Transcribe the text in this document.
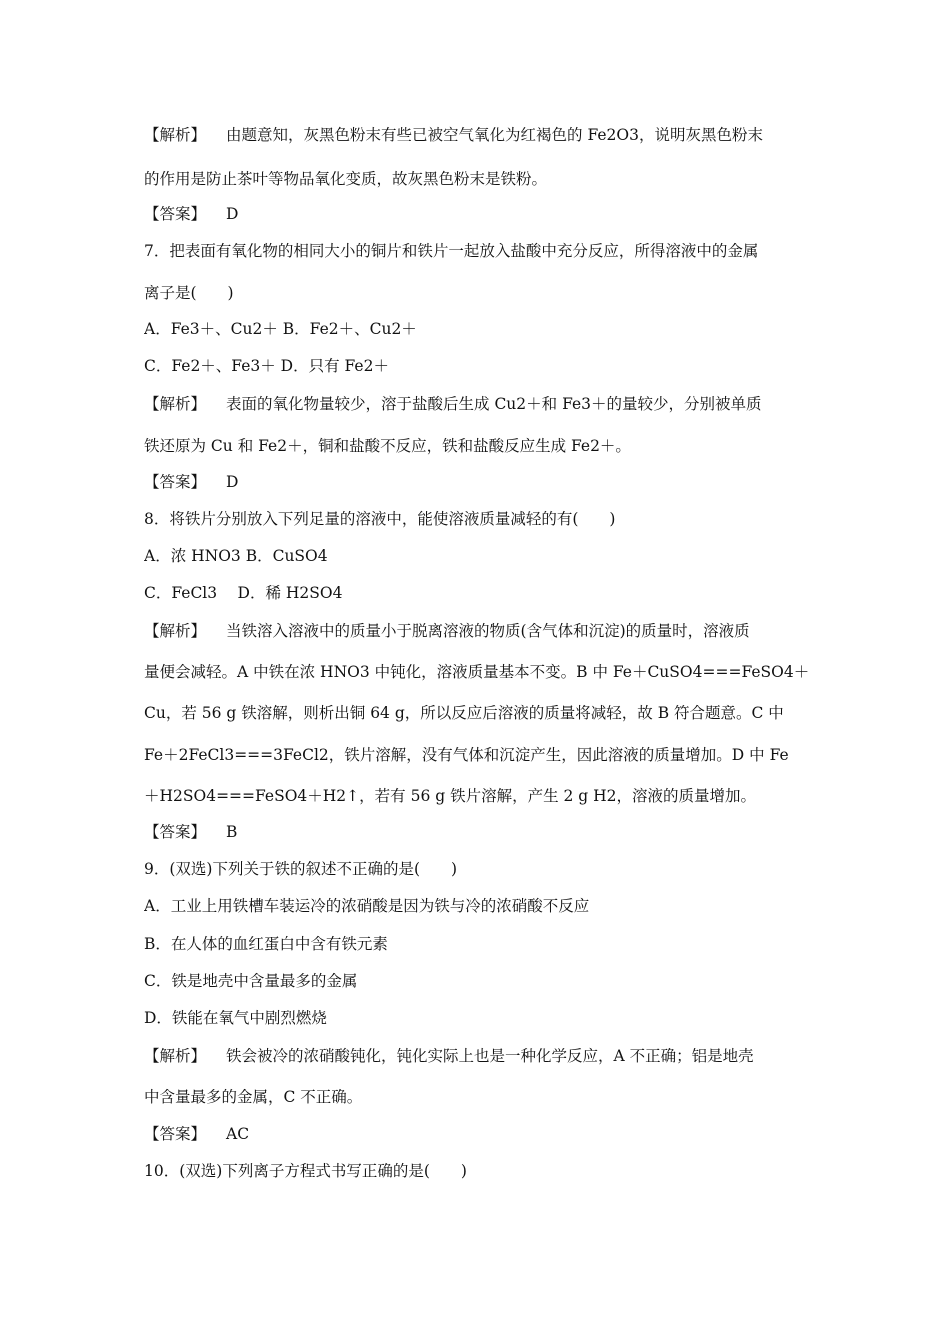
【解析】 由题意知，灰黑色粉末有些已被空气氧化为红褐色的 Fe2O3，说明灰黑色粉末
的作用是防止茶叶等物品氧化变质，故灰黑色粉末是铁粉。
【答案】 D
7．把表面有氧化物的相同大小的铜片和铁片一起放入盐酸中充分反应，所得溶液中的金属
离子是(　　)
A．Fe3＋、Cu2＋ B．Fe2＋、Cu2＋
C．Fe2＋、Fe3＋ D．只有 Fe2＋
【解析】 表面的氧化物量较少，溶于盐酸后生成 Cu2＋和 Fe3＋的量较少，分别被单质
铁还原为 Cu 和 Fe2＋，铜和盐酸不反应，铁和盐酸反应生成 Fe2＋。
【答案】 D
8．将铁片分别放入下列足量的溶液中，能使溶液质量减轻的有(　　)
A．浓 HNO3 B．CuSO4
C．FeCl3　 D．稀 H2SO4
【解析】 当铁溶入溶液中的质量小于脱离溶液的物质(含气体和沉淀)的质量时，溶液质
量便会减轻。A 中铁在浓 HNO3 中钝化，溶液质量基本不变。B 中 Fe＋CuSO4===FeSO4＋
Cu，若 56 g 铁溶解，则析出铜 64 g，所以反应后溶液的质量将减轻，故 B 符合题意。C 中
Fe＋2FeCl3===3FeCl2，铁片溶解，没有气体和沉淀产生，因此溶液的质量增加。D 中 Fe
＋H2SO4===FeSO4＋H2↑，若有 56 g 铁片溶解，产生 2 g H2，溶液的质量增加。
【答案】 B
9．(双选)下列关于铁的叙述不正确的是(　　)
A．工业上用铁槽车装运冷的浓硝酸是因为铁与冷的浓硝酸不反应
B．在人体的血红蛋白中含有铁元素
C．铁是地壳中含量最多的金属
D．铁能在氧气中剧烈燃烧
【解析】 铁会被冷的浓硝酸钝化，钝化实际上也是一种化学反应，A 不正确；铝是地壳
中含量最多的金属，C 不正确。
【答案】 AC
10．(双选)下列离子方程式书写正确的是(　　)
